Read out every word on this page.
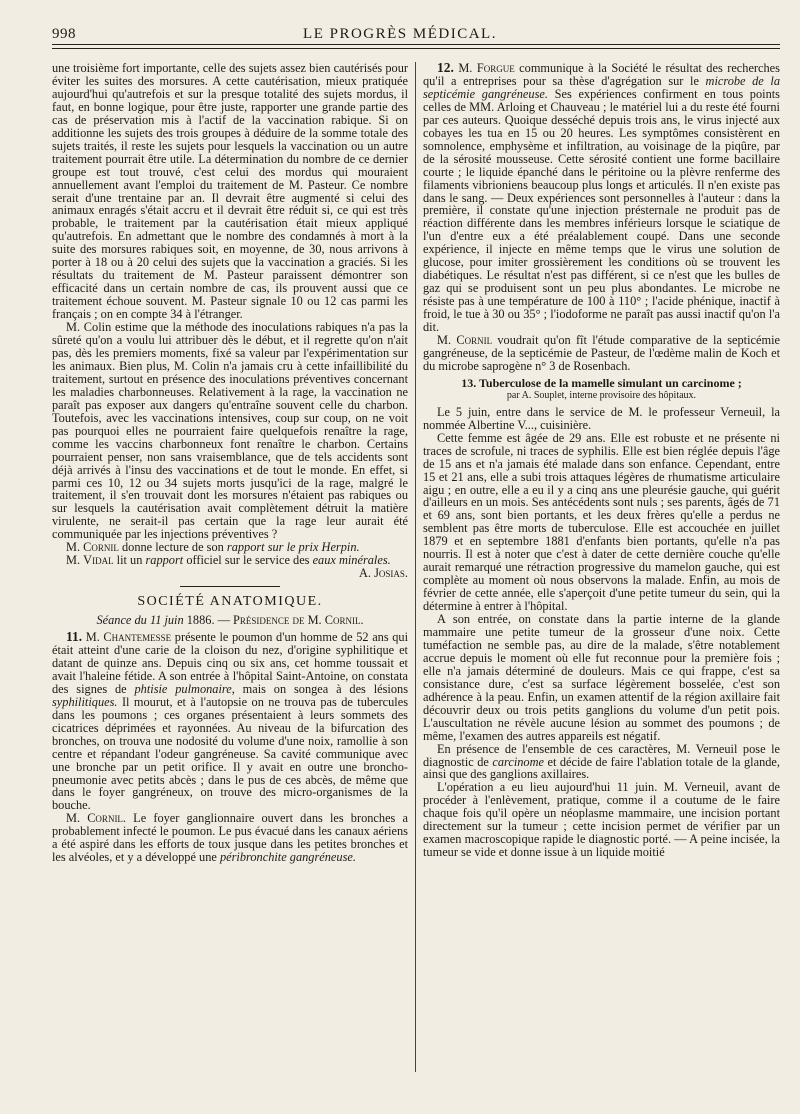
998	LE PROGRÈS MÉDICAL.

une troisième fort importante, celle des sujets assez bien cautérisés pour éviter les suites des morsures. A cette cautérisation, mieux pratiquée aujourd'hui qu'autrefois et sur la presque totalité des sujets mordus, il faut, en bonne logique, pour être juste, rapporter une grande partie des cas de préservation mis à l'actif de la vaccination rabique. Si on additionne les sujets des trois groupes à déduire de la somme totale des sujets traités, il reste les sujets pour lesquels la vaccination ou un autre traitement pourrait être utile. La détermination du nombre de ce dernier groupe est tout trouvé, c'est celui des mordus qui mouraient annuellement avant l'emploi du traitement de M. Pasteur. Ce nombre serait d'une trentaine par an. Il devrait être augmenté si celui des animaux enragés s'était accru et il devrait être réduit si, ce qui est très probable, le traitement par la cautérisation était mieux appliqué qu'autrefois. En admettant que le nombre des condamnés à mort à la suite des morsures rabiques soit, en moyenne, de 30, nous arrivons à porter à 18 ou à 20 celui des sujets que la vaccination a graciés. Si les résultats du traitement de M. Pasteur paraissent démontrer son efficacité dans un certain nombre de cas, ils prouvent aussi que ce traitement échoue souvent. M. Pasteur signale 10 ou 12 cas parmi les français ; on en compte 34 à l'étranger.

M. Colin estime que la méthode des inoculations rabiques n'a pas la sûreté qu'on a voulu lui attribuer dès le début, et il regrette qu'on n'ait pas, dès les premiers moments, fixé sa valeur par l'expérimentation sur les animaux. Bien plus, M. Colin n'a jamais cru à cette infaillibilité du traitement, surtout en présence des inoculations préventives concernant les maladies charbonneuses. Relativement à la rage, la vaccination ne paraît pas exposer aux dangers qu'entraîne souvent celle du charbon. Toutefois, avec les vaccinations intensives, coup sur coup, on ne voit pas pourquoi elles ne pourraient faire quelquefois renaître la rage, comme les vaccins charbonneux font renaître le charbon. Certains pourraient penser, non sans vraisemblance, que de tels accidents sont déjà arrivés à l'insu des vaccinations et de tout le monde. En effet, si parmi ces 10, 12 ou 34 sujets morts jusqu'ici de la rage, malgré le traitement, il s'en trouvait dont les morsures n'étaient pas rabiques ou sur lesquels la cautérisation avait complètement détruit la matière virulente, ne serait-il pas certain que la rage leur aurait été communiquée par les injections préventives ?

M. Cornil donne lecture de son rapport sur le prix Herpin.

M. Vidal lit un rapport officiel sur le service des eaux minérales.

A. Josias.
SOCIÉTÉ ANATOMIQUE.
Séance du 11 juin 1886. — Présidence de M. Cornil.

11. M. Chantemesse présente le poumon d'un homme de 52 ans qui était atteint d'une carie de la cloison du nez, d'origine syphilitique et datant de quinze ans. Depuis cinq ou six ans, cet homme toussait et avait l'haleine fétide. A son entrée à l'hôpital Saint-Antoine, on constata des signes de phtisie pulmonaire, mais on songea à des lésions syphilitiques. Il mourut, et à l'autopsie on ne trouva pas de tubercules dans les poumons ; ces organes présentaient à leurs sommets des cicatrices déprimées et rayonnées. Au niveau de la bifurcation des bronches, on trouva une nodosité du volume d'une noix, ramollie à son centre et répandant l'odeur gangréneuse. Sa cavité communique avec une bronche par un petit orifice. Il y avait en outre une broncho-pneumonie avec petits abcès ; dans le pus de ces abcès, de même que dans le foyer gangréneux, on trouve des micro-organismes de la bouche.

M. Cornil. Le foyer ganglionnaire ouvert dans les bronches a probablement infecté le poumon. Le pus évacué dans les canaux aériens a été aspiré dans les efforts de toux jusque dans les petites bronches et les alvéoles, et y a développé une péribronchite gangréneuse.

12. M. Forgue communique à la Société le résultat des recherches qu'il a entreprises pour sa thèse d'agrégation sur le microbe de la septicémie gangréneuse. Ses expériences confirment en tous points celles de MM. Arloing et Chauveau ; le matériel lui a du reste été fourni par ces auteurs. Quoique desséché depuis trois ans, le virus injecté aux cobayes les tua en 15 ou 20 heures. Les symptômes consistèrent en somnolence, emphysème et infiltration, au voisinage de la piqûre, par de la sérosité mousseuse. Cette sérosité contient une forme bacillaire courte ; le liquide épanché dans le péritoine ou la plèvre renferme des filaments vibrioniens beaucoup plus longs et articulés. Il n'en existe pas dans le sang. — Deux expériences sont personnelles à l'auteur : dans la première, il constate qu'une injection présternale ne produit pas de réaction différente dans les membres inférieurs lorsque le sciatique de l'un d'entre eux a été préalablement coupé. Dans une seconde expérience, il injecte en même temps que le virus une solution de glucose, pour imiter grossièrement les conditions où se trouvent les diabétiques. Le résultat n'est pas différent, si ce n'est que les bulles de gaz qui se produisent sont un peu plus abondantes. Le microbe ne résiste pas à une température de 100 à 110° ; l'acide phénique, inactif à froid, le tue à 30 ou 35° ; l'iodoforme ne paraît pas aussi inactif qu'on l'a dit.

M. Cornil voudrait qu'on fît l'étude comparative de la septicémie gangréneuse, de la septicémie de Pasteur, de l'œdème malin de Koch et du microbe saprogène n° 3 de Rosenbach.

13. Tuberculose de la mamelle simulant un carcinome ;
par A. Souplet, interne provisoire des hôpitaux.

Le 5 juin, entre dans le service de M. le professeur Verneuil, la nommée Albertine V..., cuisinière.

Cette femme est âgée de 29 ans. Elle est robuste et ne présente ni traces de scrofule, ni traces de syphilis. Elle est bien réglée depuis l'âge de 15 ans et n'a jamais été malade dans son enfance. Cependant, entre 15 et 21 ans, elle a subi trois attaques légères de rhumatisme articulaire aigu ; en outre, elle a eu il y a cinq ans une pleurésie gauche, qui guérit d'ailleurs en un mois. Ses antécédents sont nuls ; ses parents, âgés de 71 et 69 ans, sont bien portants, et les deux frères qu'elle a perdus ne semblent pas être morts de tuberculose. Elle est accouchée en juillet 1879 et en septembre 1881 d'enfants bien portants, qu'elle n'a pas nourris. Il est à noter que c'est à dater de cette dernière couche qu'elle aurait remarqué une rétraction progressive du mamelon gauche, qui est complète au moment où nous observons la malade. Enfin, au mois de février de cette année, elle s'aperçoit d'une petite tumeur du sein, qui la détermine à entrer à l'hôpital.

A son entrée, on constate dans la partie interne de la glande mammaire une petite tumeur de la grosseur d'une noix. Cette tuméfaction ne semble pas, au dire de la malade, s'être notablement accrue depuis le moment où elle fut reconnue pour la première fois ; elle n'a jamais déterminé de douleurs. Mais ce qui frappe, c'est sa consistance dure, c'est sa surface légèrement bosselée, c'est son adhérence à la peau. Enfin, un examen attentif de la région axillaire fait découvrir deux ou trois petits ganglions du volume d'un petit pois. L'auscultation ne révèle aucune lésion au sommet des poumons ; de même, l'examen des autres appareils est négatif.

En présence de l'ensemble de ces caractères, M. Verneuil pose le diagnostic de carcinome et décide de faire l'ablation totale de la glande, ainsi que des ganglions axillaires.

L'opération a eu lieu aujourd'hui 11 juin. M. Verneuil, avant de procéder à l'enlèvement, pratique, comme il a coutume de le faire chaque fois qu'il opère un néoplasme mammaire, une incision portant directement sur la tumeur ; cette incision permet de vérifier par un examen macroscopique rapide le diagnostic porté. — A peine incisée, la tumeur se vide et donne issue à un liquide moitié
